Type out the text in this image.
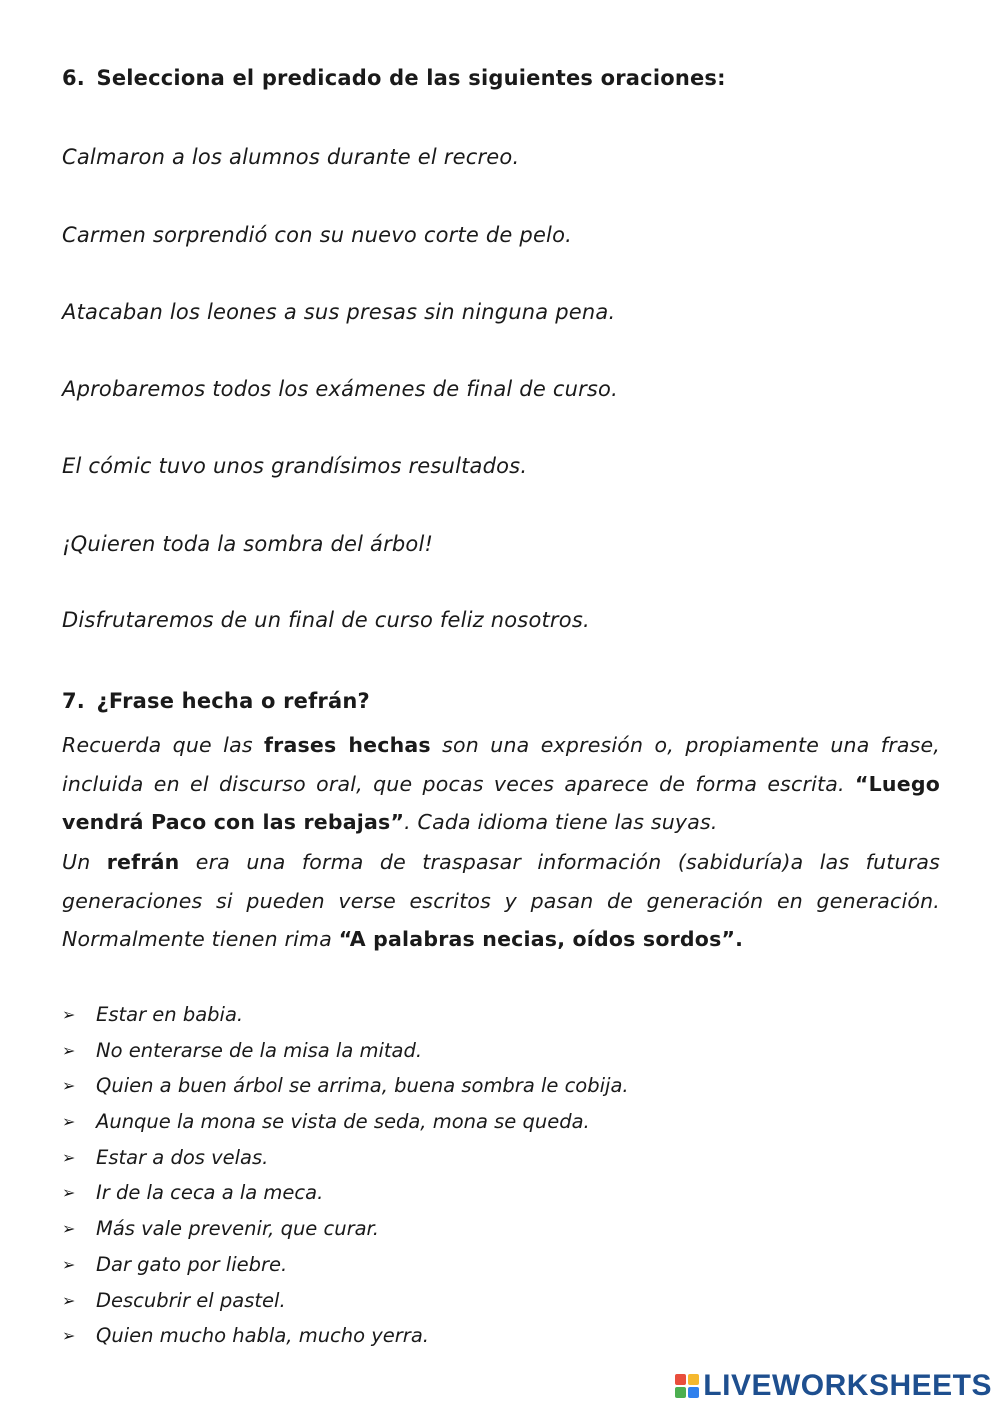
6. Selecciona el predicado de las siguientes oraciones:
Calmaron a los alumnos durante el recreo.
Carmen sorprendió con su nuevo corte de pelo.
Atacaban los leones a sus presas sin ninguna pena.
Aprobaremos todos los exámenes de final de curso.
El cómic tuvo unos grandísimos resultados.
¡Quieren toda la sombra del árbol!
Disfrutaremos de un final de curso feliz nosotros.
7. ¿Frase hecha o refrán?
Recuerda que las frases hechas son una expresión o, propiamente una frase, incluida en el discurso oral, que pocas veces aparece de forma escrita. “Luego vendrá Paco con las rebajas”. Cada idioma tiene las suyas.
Un refrán era una forma de traspasar información (sabiduría)a las futuras generaciones si pueden verse escritos y pasan de generación en generación. Normalmente tienen rima “A palabras necias, oídos sordos”.
➢	Estar en babia.
➢	No enterarse de la misa la mitad.
➢	Quien a buen árbol se arrima, buena sombra le cobija.
➢	Aunque la mona se vista de seda, mona se queda.
➢	Estar a dos velas.
➢	Ir de la ceca a la meca.
➢	Más vale prevenir, que curar.
➢	Dar gato por liebre.
➢	Descubrir el pastel.
➢	Quien mucho habla, mucho yerra.
LIVEWORKSHEETS
